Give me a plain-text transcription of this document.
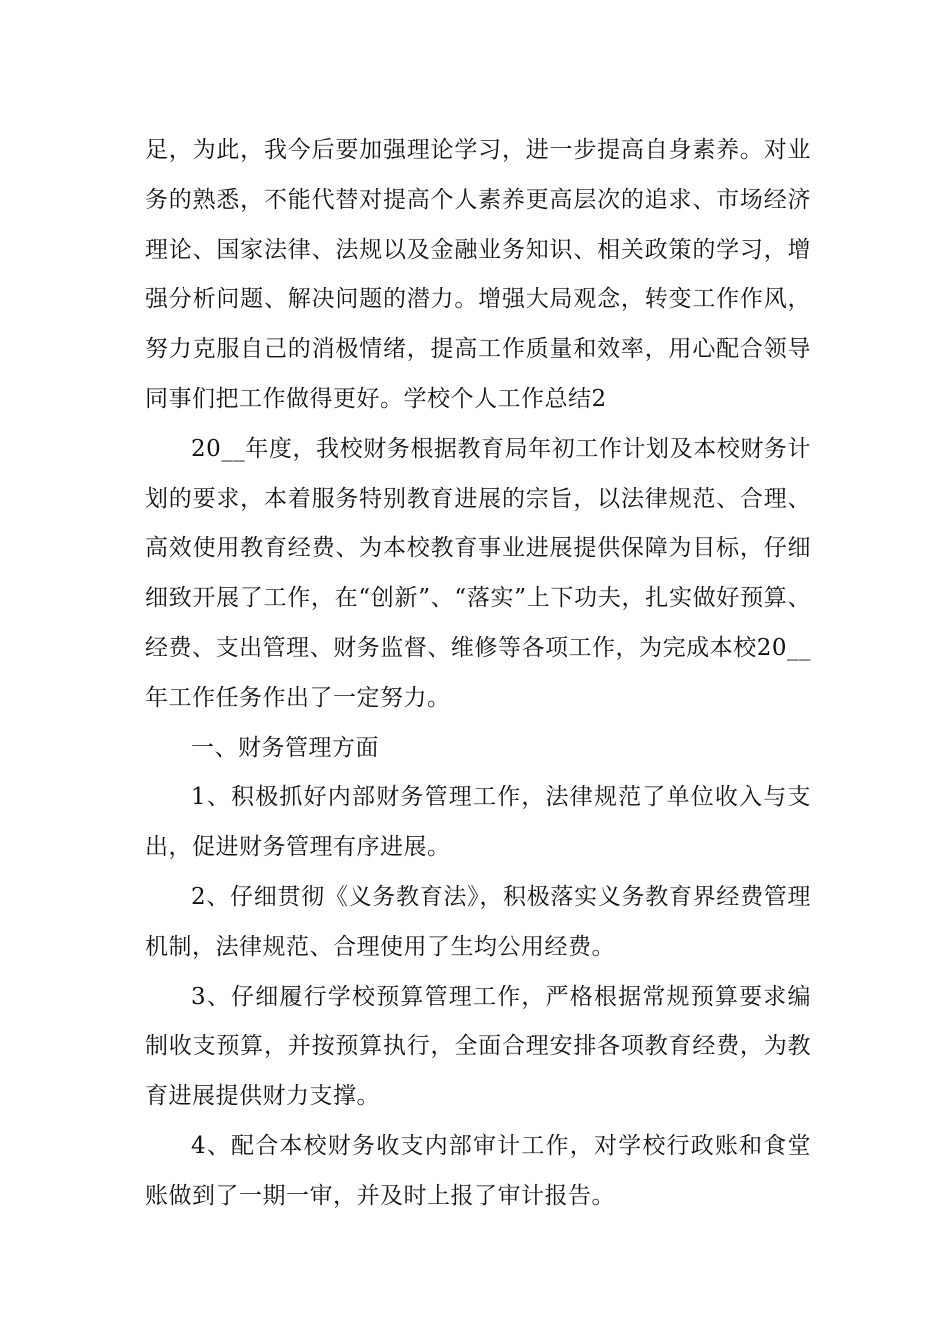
足，为此，我今后要加强理论学习，进一步提高自身素养。对业务的熟悉，不能代替对提高个人素养更高层次的追求、市场经济理论、国家法律、法规以及金融业务知识、相关政策的学习，增强分析问题、解决问题的潜力。增强大局观念，转变工作作风，努力克服自己的消极情绪，提高工作质量和效率，用心配合领导同事们把工作做得更好。学校个人工作总结2

20__年度，我校财务根据教育局年初工作计划及本校财务计划的要求，本着服务特别教育进展的宗旨，以法律规范、合理、高效使用教育经费、为本校教育事业进展提供保障为目标，仔细细致开展了工作，在“创新”、“落实”上下功夫，扎实做好预算、经费、支出管理、财务监督、维修等各项工作，为完成本校20__年工作任务作出了一定努力。

一、财务管理方面

1、积极抓好内部财务管理工作，法律规范了单位收入与支出，促进财务管理有序进展。

2、仔细贯彻《义务教育法》，积极落实义务教育界经费管理机制，法律规范、合理使用了生均公用经费。

3、仔细履行学校预算管理工作，严格根据常规预算要求编制收支预算，并按预算执行，全面合理安排各项教育经费，为教育进展提供财力支撑。

4、配合本校财务收支内部审计工作，对学校行政账和食堂账做到了一期一审，并及时上报了审计报告。
